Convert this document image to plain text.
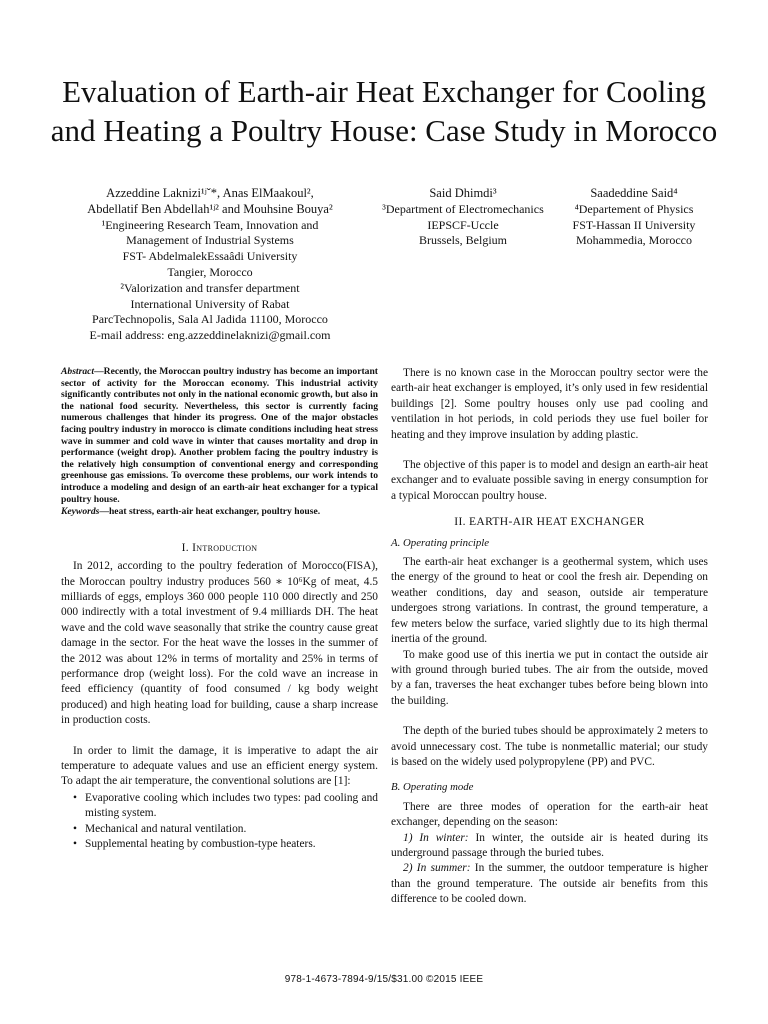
Evaluation of Earth-air Heat Exchanger for Cooling and Heating a Poultry House: Case Study in Morocco
Azzeddine Laknizi¹ʲˇ*, Anas ElMaakoul²,
Abdellatif Ben Abdellah¹ʲ² and Mouhsine Bouya²
¹Engineering Research Team, Innovation and
Management of Industrial Systems
FST- AbdelmalekEssaâdi University
Tangier, Morocco
²Valorization and transfer department
International University of Rabat
ParcTechnopolis, Sala Al Jadida 11100, Morocco
E-mail address: eng.azzeddinelaknizi@gmail.com
Said Dhimdi³
³Department of Electromechanics
IEPSCF-Uccle
Brussels, Belgium
Saadeddine Said⁴
⁴Departement of Physics
FST-Hassan II University
Mohammedia, Morocco
Abstract—Recently, the Moroccan poultry industry has become an important sector of activity for the Moroccan economy. This industrial activity significantly contributes not only in the national economic growth, but also in the national food security. Nevertheless, this sector is currently facing numerous challenges that hinder its progress. One of the major obstacles facing poultry industry in morocco is climate conditions including heat stress wave in summer and cold wave in winter that causes mortality and drop in performance (weight drop). Another problem facing the poultry industry is the relatively high consumption of conventional energy and corresponding greenhouse gas emissions. To overcome these problems, our work intends to introduce a modeling and design of an earth-air heat exchanger for a typical poultry house.
Keywords—heat stress, earth-air heat exchanger, poultry house.
I. Introduction

In 2012, according to the poultry federation of Morocco(FISA), the Moroccan poultry industry produces 560 ∗ 10⁶Kg of meat, 4.5 milliards of eggs, employs 360 000 people 110 000 directly and 250 000 indirectly with a total investment of 9.4 milliards DH. The heat wave and the cold wave seasonally that strike the country cause great damage in the sector. For the heat wave the losses in the summer of the 2012 was about 12% in terms of mortality and 25% in terms of performance drop (weight loss). For the cold wave an increase in feed efficiency (quantity of food consumed / kg body weight produced) and high heating load for building, cause a sharp increase in production costs.

In order to limit the damage, it is imperative to adapt the air temperature to adequate values and use an efficient energy system. To adapt the air temperature, the conventional solutions are [1]:

• Evaporative cooling which includes two types: pad cooling and misting system.
• Mechanical and natural ventilation.
• Supplemental heating by combustion-type heaters.

There is no known case in the Moroccan poultry sector were the earth-air heat exchanger is employed, it’s only used in few residential buildings [2]. Some poultry houses only use pad cooling and ventilation in hot periods, in cold periods they use fuel boiler for heating and they improve insulation by adding plastic.

The objective of this paper is to model and design an earth-air heat exchanger and to evaluate possible saving in energy consumption for a typical Moroccan poultry house.

II. EARTH-AIR HEAT EXCHANGER
A. Operating principle

The earth-air heat exchanger is a geothermal system, which uses the energy of the ground to heat or cool the fresh air. Depending on weather conditions, day and season, outside air temperature undergoes strong variations. In contrast, the ground temperature, a few meters below the surface, varied slightly due to its high thermal inertia of the ground.

To make good use of this inertia we put in contact the outside air with ground through buried tubes. The air from the outside, moved by a fan, traverses the heat exchanger tubes before being blown into the building.

The depth of the buried tubes should be approximately 2 meters to avoid unnecessary cost. The tube is nonmetallic material; our study is based on the widely used polypropylene (PP) and PVC.

B. Operating mode

There are three modes of operation for the earth-air heat exchanger, depending on the season:

1) In winter: In winter, the outside air is heated during its underground passage through the buried tubes.

2) In summer: In the summer, the outdoor temperature is higher than the ground temperature. The outside air benefits from this difference to be cooled down.

978-1-4673-7894-9/15/$31.00 ©2015 IEEE
